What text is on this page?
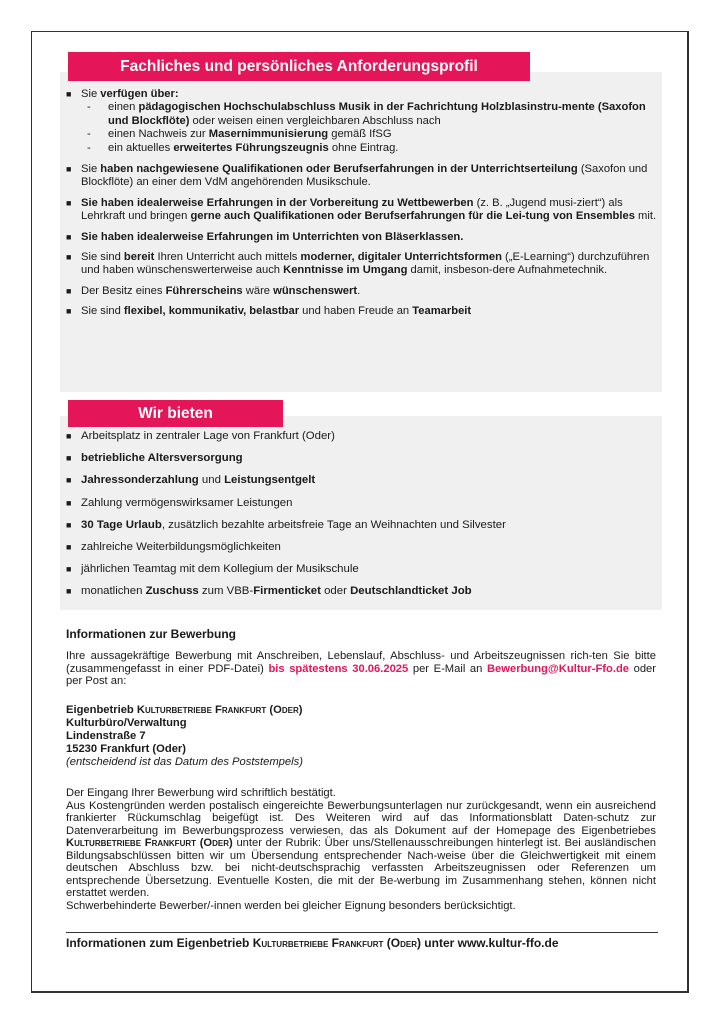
Fachliches und persönliches Anforderungsprofil
■ Sie verfügen über:
- einen pädagogischen Hochschulabschluss Musik in der Fachrichtung Holzblasinstru-mente (Saxofon und Blockflöte) oder weisen einen vergleichbaren Abschluss nach
- einen Nachweis zur Masernimmunisierung gemäß IfSG
- ein aktuelles erweitertes Führungszeugnis ohne Eintrag.
■ Sie haben nachgewiesene Qualifikationen oder Berufserfahrungen in der Unterrichtserteilung (Saxofon und Blockflöte) an einer dem VdM angehörenden Musikschule.
■ Sie haben idealerweise Erfahrungen in der Vorbereitung zu Wettbewerben (z. B. „Jugend musi-ziert“) als Lehrkraft und bringen gerne auch Qualifikationen oder Berufserfahrungen für die Lei-tung von Ensembles mit.
■ Sie haben idealerweise Erfahrungen im Unterrichten von Bläserklassen.
■ Sie sind bereit Ihren Unterricht auch mittels moderner, digitaler Unterrichtsformen („E-Learning“) durchzuführen und haben wünschenswerterweise auch Kenntnisse im Umgang damit, insbeson-dere Aufnahmetechnik.
■ Der Besitz eines Führerscheins wäre wünschenswert.
■ Sie sind flexibel, kommunikativ, belastbar und haben Freude an Teamarbeit
Wir bieten
■ Arbeitsplatz in zentraler Lage von Frankfurt (Oder)
■ betriebliche Altersversorgung
■ Jahressonderzahlung und Leistungsentgelt
■ Zahlung vermögenswirksamer Leistungen
■ 30 Tage Urlaub, zusätzlich bezahlte arbeitsfreie Tage an Weihnachten und Silvester
■ zahlreiche Weiterbildungsmöglichkeiten
■ jährlichen Teamtag mit dem Kollegium der Musikschule
■ monatlichen Zuschuss zum VBB-Firmenticket oder Deutschlandticket Job
Informationen zur Bewerbung
Ihre aussagekräftige Bewerbung mit Anschreiben, Lebenslauf, Abschluss- und Arbeitszeugnissen rich-ten Sie bitte (zusammengefasst in einer PDF-Datei) bis spätestens 30.06.2025 per E-Mail an Bewerbung@Kultur-Ffo.de oder per Post an:
Eigenbetrieb Kulturbetriebe Frankfurt (Oder)
Kulturbüro/Verwaltung
Lindenstraße 7
15230 Frankfurt (Oder)
(entscheidend ist das Datum des Poststempels)
Der Eingang Ihrer Bewerbung wird schriftlich bestätigt.
Aus Kostengründen werden postalisch eingereichte Bewerbungsunterlagen nur zurückgesandt, wenn ein ausreichend frankierter Rückumschlag beigefügt ist. Des Weiteren wird auf das Informationsblatt Daten-schutz zur Datenverarbeitung im Bewerbungsprozess verwiesen, das als Dokument auf der Homepage des Eigenbetriebes Kulturbetriebe Frankfurt (Oder) unter der Rubrik: Über uns/Stellenausschreibungen hinterlegt ist. Bei ausländischen Bildungsabschlüssen bitten wir um Übersendung entsprechender Nach-weise über die Gleichwertigkeit mit einem deutschen Abschluss bzw. bei nicht-deutschsprachig verfassten Arbeitszeugnissen oder Referenzen um entsprechende Übersetzung. Eventuelle Kosten, die mit der Be-werbung im Zusammenhang stehen, können nicht erstattet werden.
Schwerbehinderte Bewerber/-innen werden bei gleicher Eignung besonders berücksichtigt.
Informationen zum Eigenbetrieb Kulturbetriebe Frankfurt (Oder) unter www.kultur-ffo.de
